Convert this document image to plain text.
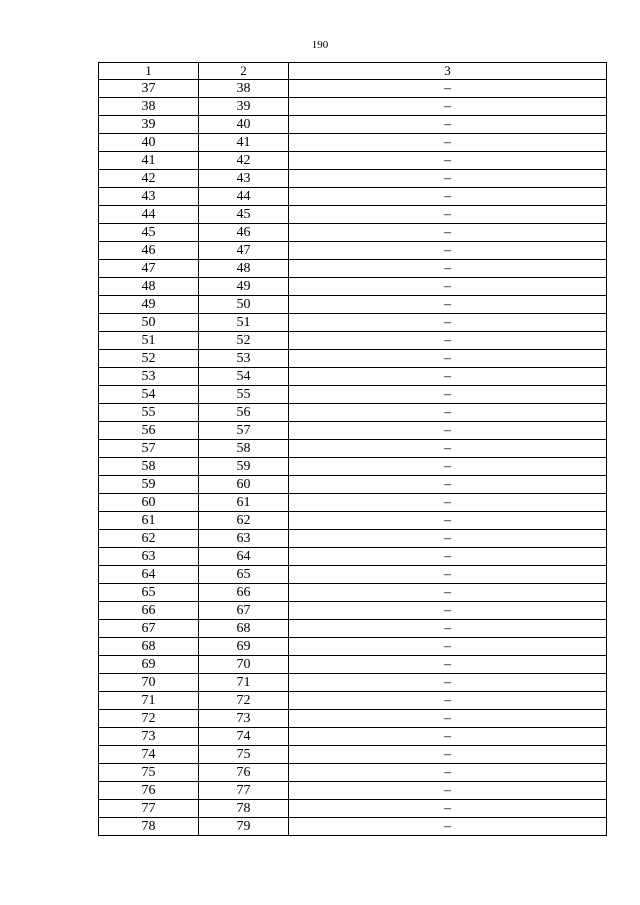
190
1	2	3
37	38	–
38	39	–
39	40	–
40	41	–
41	42	–
42	43	–
43	44	–
44	45	–
45	46	–
46	47	–
47	48	–
48	49	–
49	50	–
50	51	–
51	52	–
52	53	–
53	54	–
54	55	–
55	56	–
56	57	–
57	58	–
58	59	–
59	60	–
60	61	–
61	62	–
62	63	–
63	64	–
64	65	–
65	66	–
66	67	–
67	68	–
68	69	–
69	70	–
70	71	–
71	72	–
72	73	–
73	74	–
74	75	–
75	76	–
76	77	–
77	78	–
78	79	–
